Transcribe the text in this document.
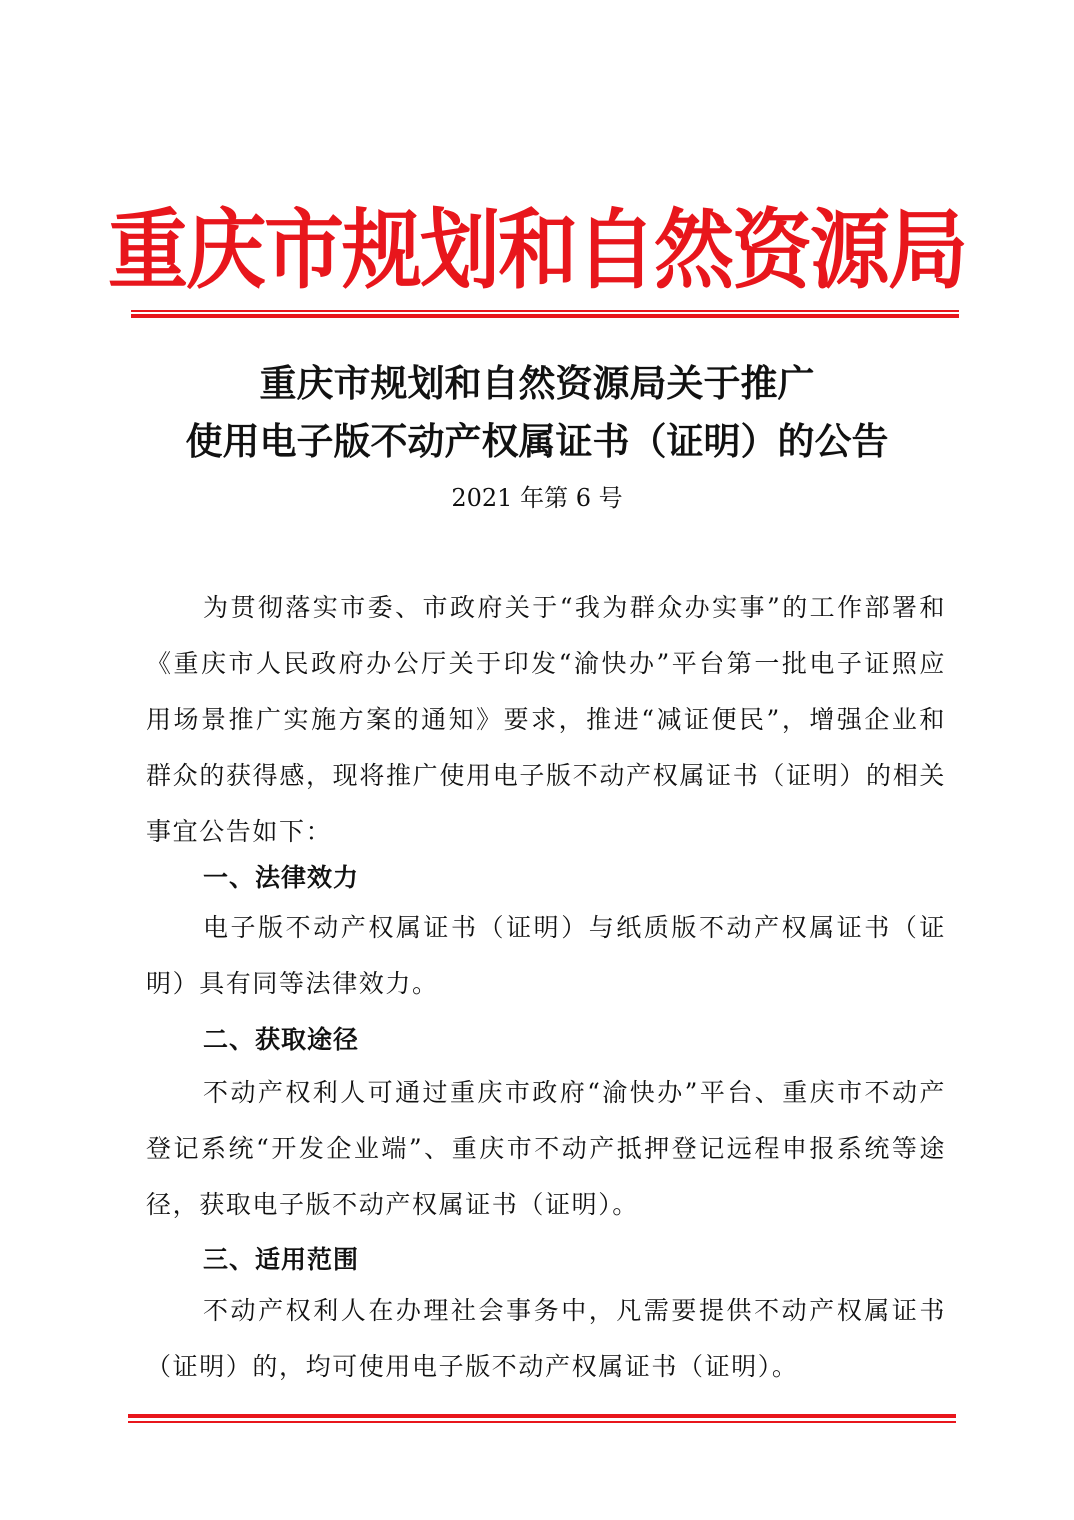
重庆市规划和自然资源局
重庆市规划和自然资源局关于推广
使用电子版不动产权属证书（证明）的公告
2021 年第 6 号

为贯彻落实市委、市政府关于“我为群众办实事”的工作部署和《重庆市人民政府办公厅关于印发“渝快办”平台第一批电子证照应用场景推广实施方案的通知》要求，推进“减证便民”，增强企业和群众的获得感，现将推广使用电子版不动产权属证书（证明）的相关事宜公告如下：

一、法律效力

电子版不动产权属证书（证明）与纸质版不动产权属证书（证明）具有同等法律效力。

二、获取途径

不动产权利人可通过重庆市政府“渝快办”平台、重庆市不动产登记系统“开发企业端”、重庆市不动产抵押登记远程申报系统等途径，获取电子版不动产权属证书（证明）。

三、适用范围

不动产权利人在办理社会事务中，凡需要提供不动产权属证书（证明）的，均可使用电子版不动产权属证书（证明）。
